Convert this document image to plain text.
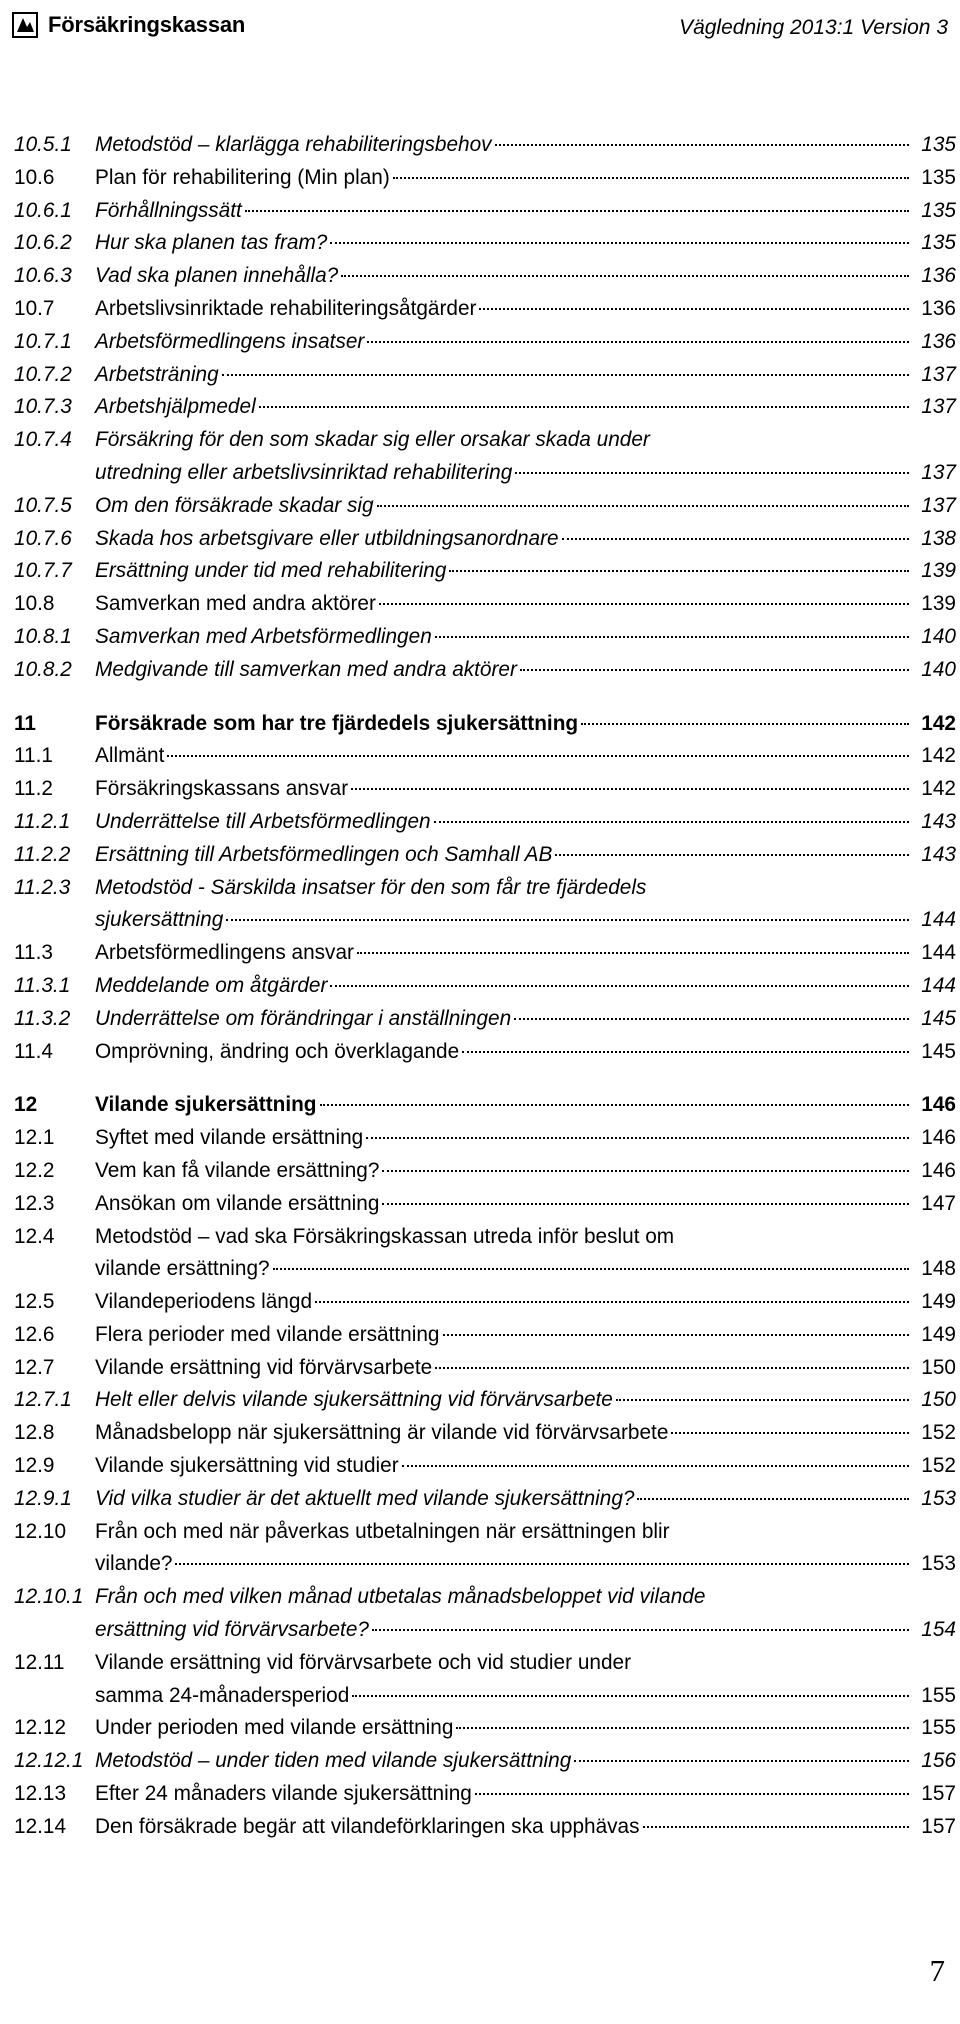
Försäkringskassan	Vägledning 2013:1 Version 3
10.5.1	Metodstöd – klarlägga rehabiliteringsbehov	135
10.6	Plan för rehabilitering (Min plan)	135
10.6.1	Förhållningssätt	135
10.6.2	Hur ska planen tas fram?	135
10.6.3	Vad ska planen innehålla?	136
10.7	Arbetslivsinriktade rehabiliteringsåtgärder	136
10.7.1	Arbetsförmedlingens insatser	136
10.7.2	Arbetsträning	137
10.7.3	Arbetshjälpmedel	137
10.7.4	Försäkring för den som skadar sig eller orsakar skada under
utredning eller arbetslivsinriktad rehabilitering	137
10.7.5	Om den försäkrade skadar sig	137
10.7.6	Skada hos arbetsgivare eller utbildningsanordnare	138
10.7.7	Ersättning under tid med rehabilitering	139
10.8	Samverkan med andra aktörer	139
10.8.1	Samverkan med Arbetsförmedlingen	140
10.8.2	Medgivande till samverkan med andra aktörer	140
11	Försäkrade som har tre fjärdedels sjukersättning	142
11.1	Allmänt	142
11.2	Försäkringskassans ansvar	142
11.2.1	Underrättelse till Arbetsförmedlingen	143
11.2.2	Ersättning till Arbetsförmedlingen och Samhall AB	143
11.2.3	Metodstöd - Särskilda insatser för den som får tre fjärdedels
sjukersättning	144
11.3	Arbetsförmedlingens ansvar	144
11.3.1	Meddelande om åtgärder	144
11.3.2	Underrättelse om förändringar i anställningen	145
11.4	Omprövning, ändring och överklagande	145
12	Vilande sjukersättning	146
12.1	Syftet med vilande ersättning	146
12.2	Vem kan få vilande ersättning?	146
12.3	Ansökan om vilande ersättning	147
12.4	Metodstöd – vad ska Försäkringskassan utreda inför beslut om
vilande ersättning?	148
12.5	Vilandeperiodens längd	149
12.6	Flera perioder med vilande ersättning	149
12.7	Vilande ersättning vid förvärvsarbete	150
12.7.1	Helt eller delvis vilande sjukersättning vid förvärvsarbete	150
12.8	Månadsbelopp när sjukersättning är vilande vid förvärvsarbete	152
12.9	Vilande sjukersättning vid studier	152
12.9.1	Vid vilka studier är det aktuellt med vilande sjukersättning?	153
12.10	Från och med när påverkas utbetalningen när ersättningen blir
vilande?	153
12.10.1 Från och med vilken månad utbetalas månadsbeloppet vid vilande
ersättning vid förvärvsarbete?	154
12.11	Vilande ersättning vid förvärvsarbete och vid studier under
samma 24-månadersperiod	155
12.12	Under perioden med vilande ersättning	155
12.12.1 Metodstöd – under tiden med vilande sjukersättning	156
12.13	Efter 24 månaders vilande sjukersättning	157
12.14	Den försäkrade begär att vilandeförklaringen ska upphävas	157
7
